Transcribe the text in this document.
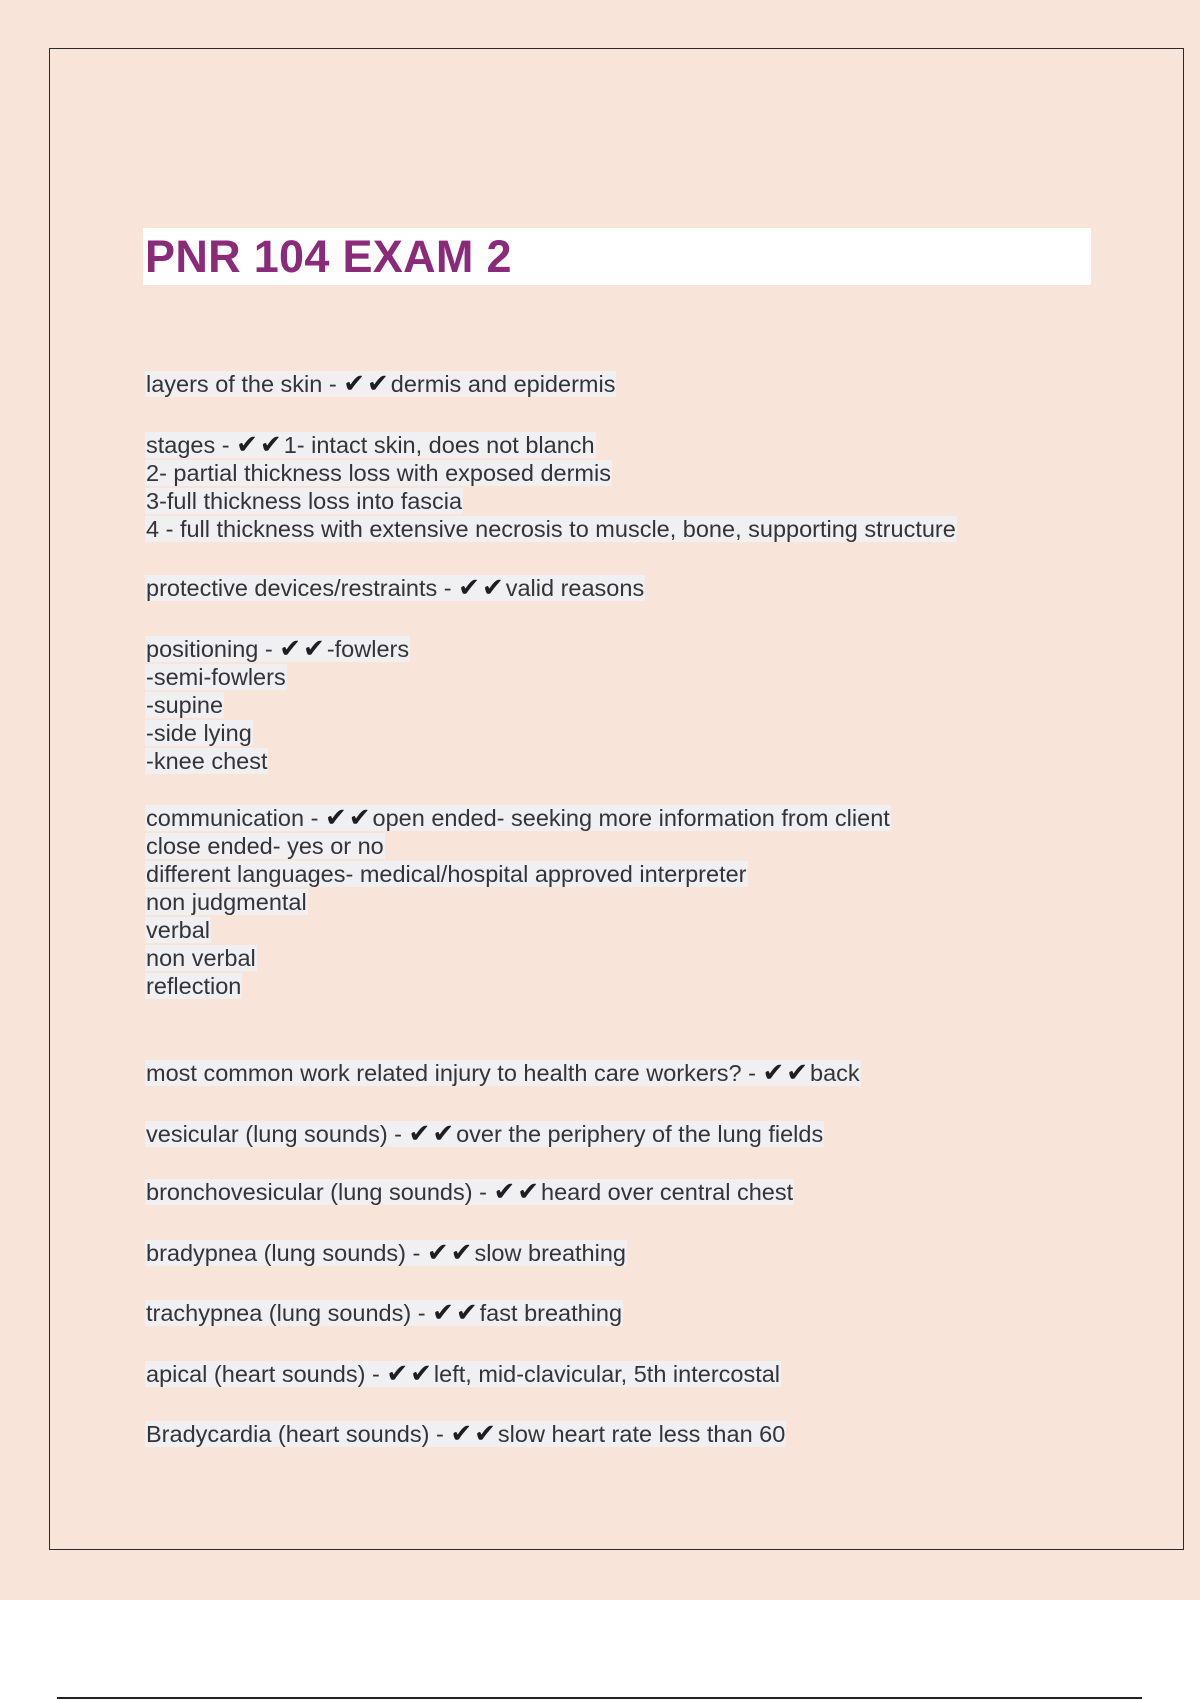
PNR 104 EXAM 2
layers of the skin - ✔✔dermis and epidermis
stages - ✔✔1- intact skin, does not blanch
2- partial thickness loss with exposed dermis
3-full thickness loss into fascia
4 - full thickness with extensive necrosis to muscle, bone, supporting structure
protective devices/restraints - ✔✔valid reasons
positioning - ✔✔-fowlers
-semi-fowlers
-supine
-side lying
-knee chest
communication - ✔✔open ended- seeking more information from client
close ended- yes or no
different languages- medical/hospital approved interpreter
non judgmental
verbal
non verbal
reflection
most common work related injury to health care workers? - ✔✔back
vesicular (lung sounds) - ✔✔over the periphery of the lung fields
bronchovesicular (lung sounds) - ✔✔heard over central chest
bradypnea (lung sounds) - ✔✔slow breathing
trachypnea (lung sounds) - ✔✔fast breathing
apical (heart sounds) - ✔✔left, mid-clavicular, 5th intercostal
Bradycardia (heart sounds) - ✔✔slow heart rate less than 60
